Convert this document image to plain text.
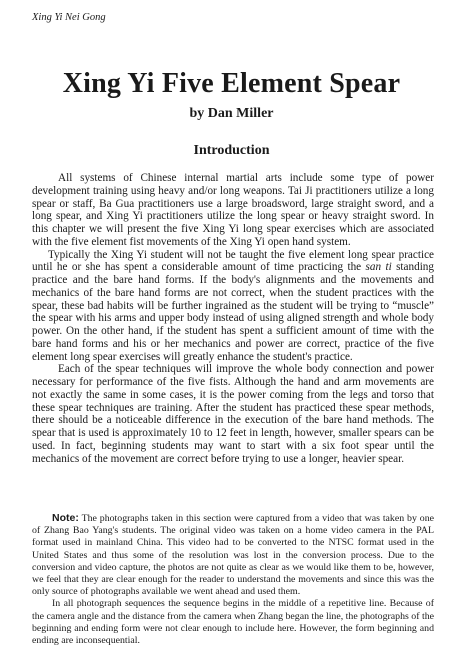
Xing Yi Nei Gong
Xing Yi Five Element Spear
by Dan Miller
Introduction

All systems of Chinese internal martial arts include some type of power development training using heavy and/or long weapons. Tai Ji practitioners utilize a long spear or staff, Ba Gua practitioners use a large broadsword, large straight sword, and a long spear, and Xing Yi practitioners utilize the long spear or heavy straight sword. In this chapter we will present the five Xing Yi long spear exercises which are associated with the five element fist movements of the Xing Yi open hand system.

Typically the Xing Yi student will not be taught the five element long spear practice until he or she has spent a considerable amount of time practicing the san ti standing practice and the bare hand forms. If the body's alignments and the movements and mechanics of the bare hand forms are not correct, when the student practices with the spear, these bad habits will be further ingrained as the student will be trying to “muscle” the spear with his arms and upper body instead of using aligned strength and whole body power. On the other hand, if the student has spent a sufficient amount of time with the bare hand forms and his or her mechanics and power are correct, practice of the five element long spear exercises will greatly enhance the student's practice.

Each of the spear techniques will improve the whole body connection and power necessary for performance of the five fists. Although the hand and arm movements are not exactly the same in some cases, it is the power coming from the legs and torso that these spear techniques are training. After the student has practiced these spear methods, there should be a noticeable difference in the execution of the bare hand methods. The spear that is used is approximately 10 to 12 feet in length, however, smaller spears can be used. In fact, beginning students may want to start with a six foot spear until the mechanics of the movement are correct before trying to use a longer, heavier spear.

Note: The photographs taken in this section were captured from a video that was taken by one of Zhang Bao Yang's students. The original video was taken on a home video camera in the PAL format used in mainland China. This video had to be converted to the NTSC format used in the United States and thus some of the resolution was lost in the conversion process. Due to the conversion and video capture, the photos are not quite as clear as we would like them to be, however, we feel that they are clear enough for the reader to understand the movements and since this was the only source of photographs available we went ahead and used them.

In all photograph sequences the sequence begins in the middle of a repetitive line. Because of the camera angle and the distance from the camera when Zhang began the line, the photographs of the beginning and ending form were not clear enough to include here. However, the form beginning and ending are inconsequential.
